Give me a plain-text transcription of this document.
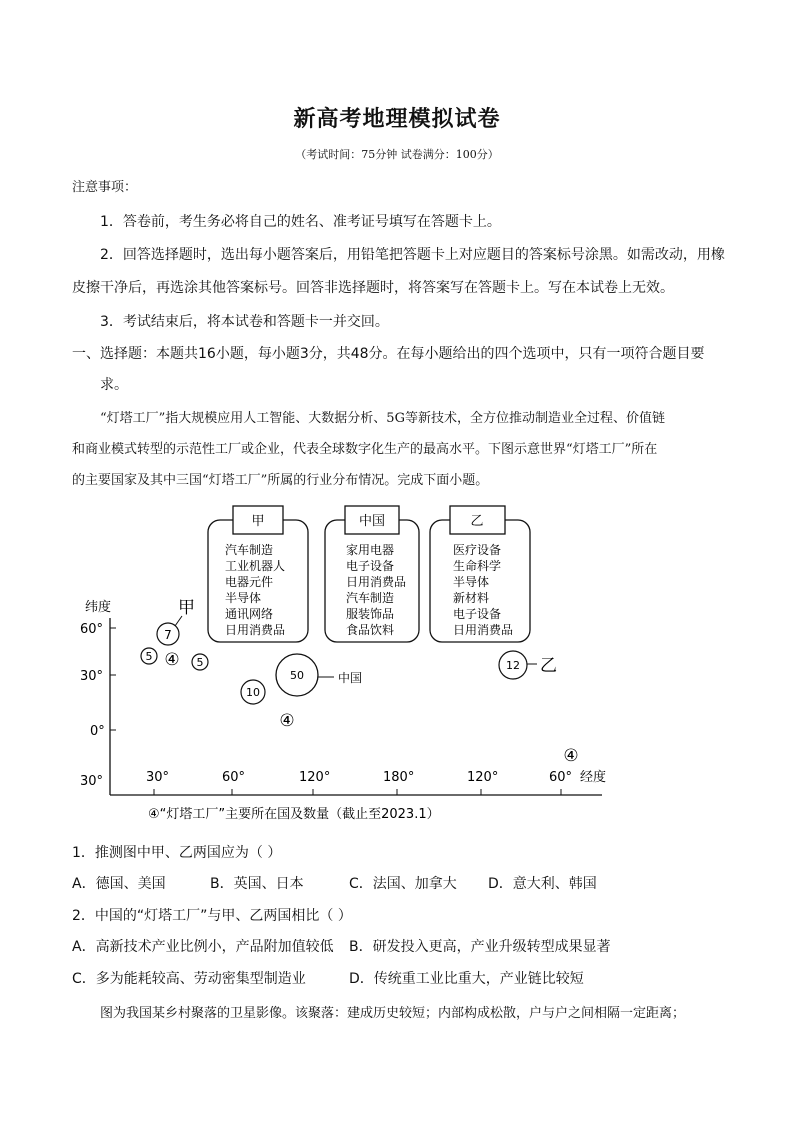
新高考地理模拟试卷
（考试时间：75分钟 试卷满分：100分）
注意事项：
1．答卷前，考生务必将自己的姓名、准考证号填写在答题卡上。
2．回答选择题时，选出每小题答案后，用铅笔把答题卡上对应题目的答案标号涂黑。如需改动，用橡
皮擦干净后，再选涂其他答案标号。回答非选择题时，将答案写在答题卡上。写在本试卷上无效。
3．考试结束后，将本试卷和答题卡一并交回。
一、选择题：本题共16小题，每小题3分，共48分。在每小题给出的四个选项中，只有一项符合题目要
求。
“灯塔工厂”指大规模应用人工智能、大数据分析、5G等新技术，全方位推动制造业全过程、价值链
和商业模式转型的示范性工厂或企业，代表全球数字化生产的最高水平。下图示意世界“灯塔工厂”所在
的主要国家及其中三国“灯塔工厂”所属的行业分布情况。完成下面小题。
甲
汽车制造
工业机器人
电器元件
半导体
通讯网络
日用消费品
中国
家用电器
电子设备
日用消费品
汽车制造
服装饰品
食品饮料
乙
医疗设备
生命科学
半导体
新材料
电子设备
日用消费品
纬度
60°
30°
0°
30°	30°	60°	120°	180°	120°	60° 经度
7
甲
5 ④ 5
50	中国
10
④
12 乙
④
④“灯塔工厂”主要所在国及数量（截止至2023.1）
1．推测图中甲、乙两国应为（ ）
A．德国、美国	B．英国、日本	C．法国、加拿大 D．意大利、韩国
2．中国的“灯塔工厂”与甲、乙两国相比（ ）
A．高新技术产业比例小，产品附加值较低 B．研发投入更高，产业升级转型成果显著
C．多为能耗较高、劳动密集型制造业	D．传统重工业比重大，产业链比较短
图为我国某乡村聚落的卫星影像。该聚落：建成历史较短；内部构成松散，户与户之间相隔一定距离；
